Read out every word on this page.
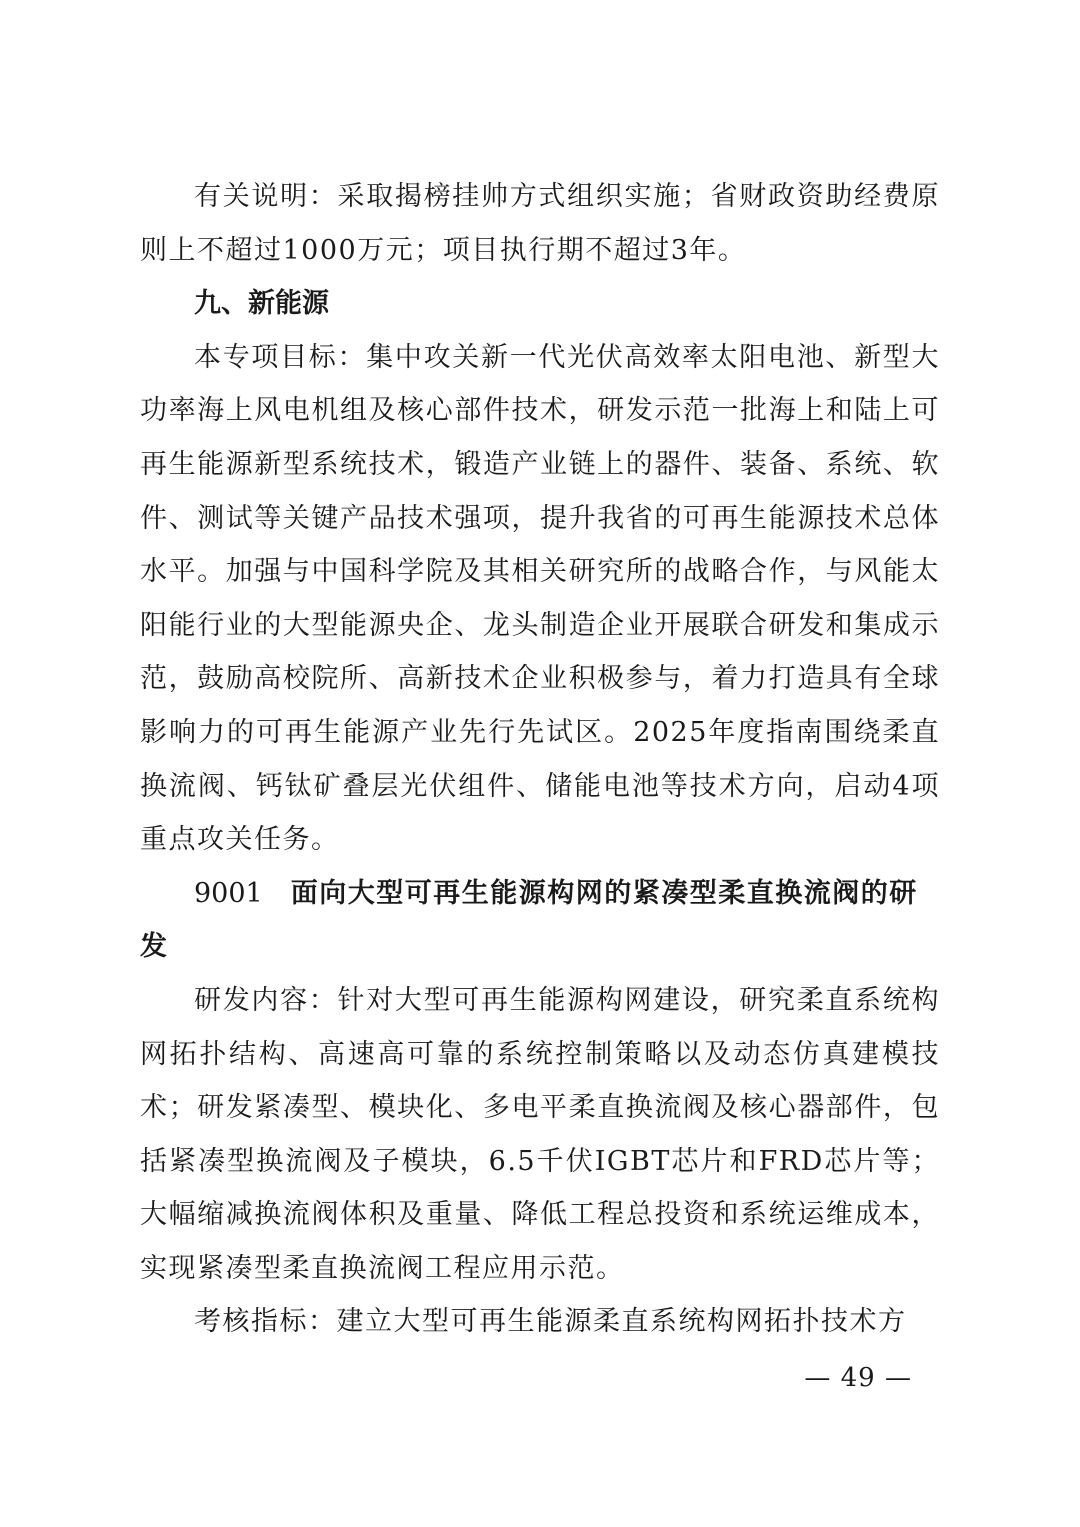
有关说明：采取揭榜挂帅方式组织实施；省财政资助经费原则上不超过1000万元；项目执行期不超过3年。

九、新能源

本专项目标：集中攻关新一代光伏高效率太阳电池、新型大功率海上风电机组及核心部件技术，研发示范一批海上和陆上可再生能源新型系统技术，锻造产业链上的器件、装备、系统、软件、测试等关键产品技术强项，提升我省的可再生能源技术总体水平。加强与中国科学院及其相关研究所的战略合作，与风能太阳能行业的大型能源央企、龙头制造企业开展联合研发和集成示范，鼓励高校院所、高新技术企业积极参与，着力打造具有全球影响力的可再生能源产业先行先试区。2025年度指南围绕柔直换流阀、钙钛矿叠层光伏组件、储能电池等技术方向，启动4项重点攻关任务。

9001 面向大型可再生能源构网的紧凑型柔直换流阀的研发

研发内容：针对大型可再生能源构网建设，研究柔直系统构网拓扑结构、高速高可靠的系统控制策略以及动态仿真建模技术；研发紧凑型、模块化、多电平柔直换流阀及核心器部件，包括紧凑型换流阀及子模块，6.5千伏IGBT芯片和FRD芯片等；大幅缩减换流阀体积及重量、降低工程总投资和系统运维成本，实现紧凑型柔直换流阀工程应用示范。

考核指标：建立大型可再生能源柔直系统构网拓扑技术方

— 49 —
